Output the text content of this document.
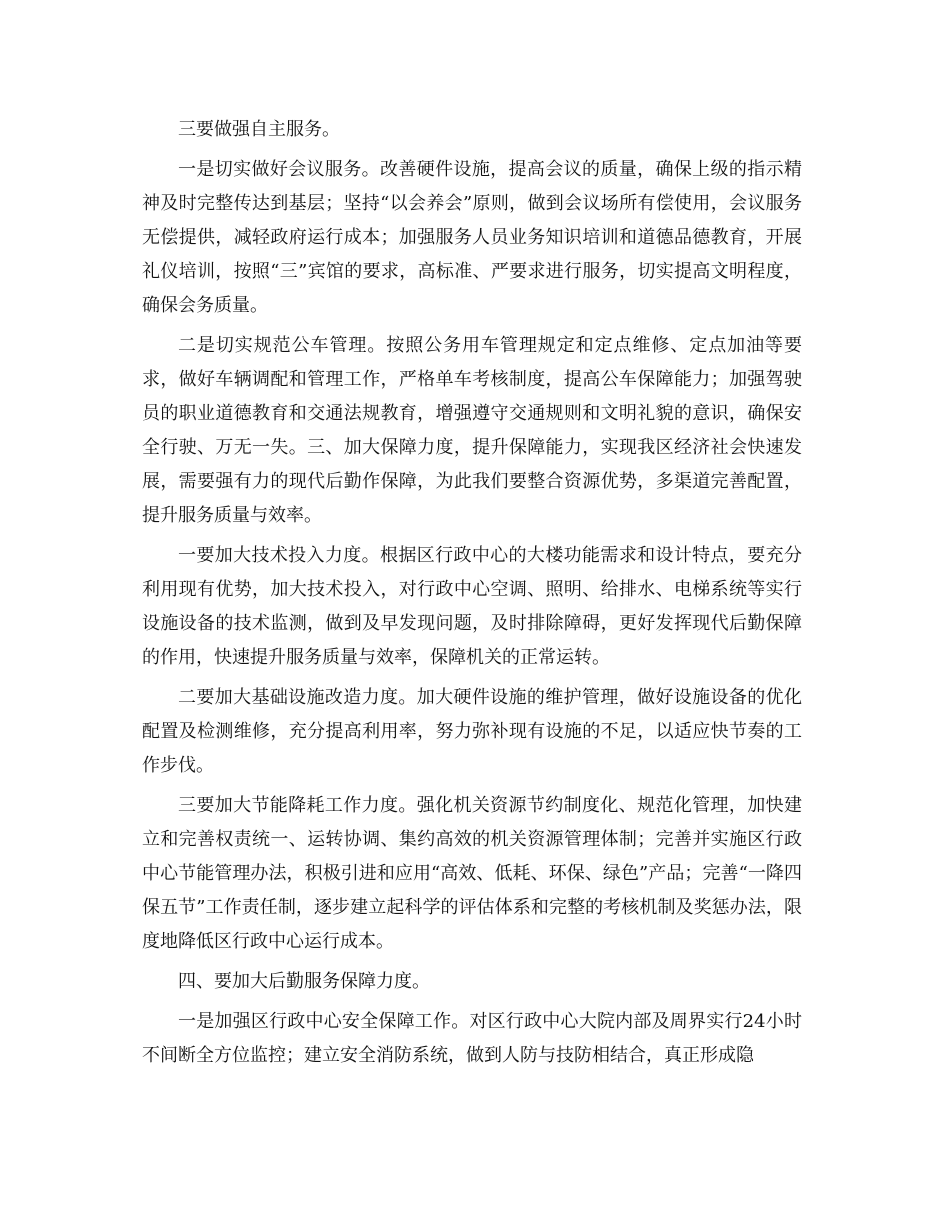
三要做强自主服务。

一是切实做好会议服务。改善硬件设施，提高会议的质量，确保上级的指示精神及时完整传达到基层；坚持“以会养会”原则，做到会议场所有偿使用，会议服务无偿提供，减轻政府运行成本；加强服务人员业务知识培训和道德品德教育，开展礼仪培训，按照“三”宾馆的要求，高标准、严要求进行服务，切实提高文明程度，确保会务质量。

二是切实规范公车管理。按照公务用车管理规定和定点维修、定点加油等要求，做好车辆调配和管理工作，严格单车考核制度，提高公车保障能力；加强驾驶员的职业道德教育和交通法规教育，增强遵守交通规则和文明礼貌的意识，确保安全行驶、万无一失。三、加大保障力度，提升保障能力，实现我区经济社会快速发展，需要强有力的现代后勤作保障，为此我们要整合资源优势，多渠道完善配置，提升服务质量与效率。

一要加大技术投入力度。根据区行政中心的大楼功能需求和设计特点，要充分利用现有优势，加大技术投入，对行政中心空调、照明、给排水、电梯系统等实行设施设备的技术监测，做到及早发现问题，及时排除障碍，更好发挥现代后勤保障的作用，快速提升服务质量与效率，保障机关的正常运转。

二要加大基础设施改造力度。加大硬件设施的维护管理，做好设施设备的优化配置及检测维修，充分提高利用率，努力弥补现有设施的不足，以适应快节奏的工作步伐。

三要加大节能降耗工作力度。强化机关资源节约制度化、规范化管理，加快建立和完善权责统一、运转协调、集约高效的机关资源管理体制；完善并实施区行政中心节能管理办法，积极引进和应用“高效、低耗、环保、绿色”产品；完善“一降四保五节”工作责任制，逐步建立起科学的评估体系和完整的考核机制及奖惩办法，限度地降低区行政中心运行成本。

四、要加大后勤服务保障力度。

一是加强区行政中心安全保障工作。对区行政中心大院内部及周界实行24小时不间断全方位监控；建立安全消防系统，做到人防与技防相结合，真正形成隐
